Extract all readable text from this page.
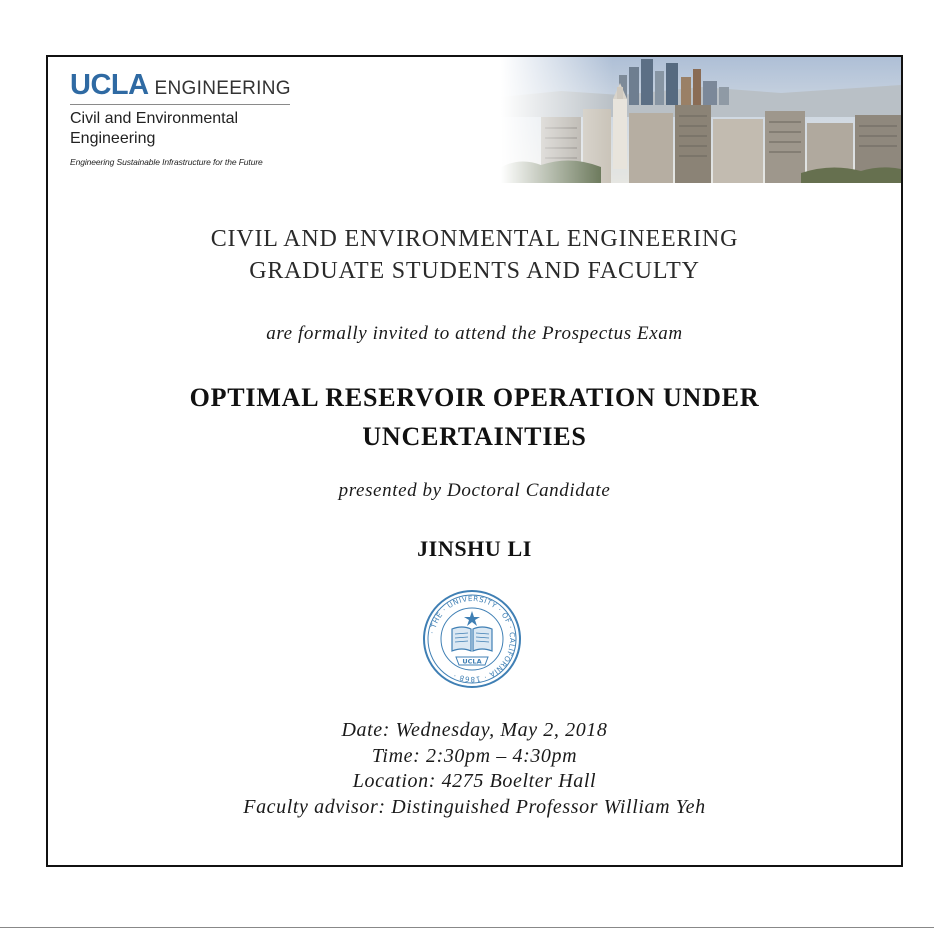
UCLA ENGINEERING
Civil and Environmental Engineering
Engineering Sustainable Infrastructure for the Future
CIVIL AND ENVIRONMENTAL ENGINEERING
GRADUATE STUDENTS AND FACULTY
are formally invited to attend the Prospectus Exam
OPTIMAL RESERVOIR OPERATION UNDER
UNCERTAINTIES
presented by Doctoral Candidate
JINSHU LI
· THE · UNIVERSITY · OF · CALIFORNIA · 1868 ·
UCLA
Date: Wednesday, May 2, 2018
Time: 2:30pm – 4:30pm
Location: 4275 Boelter Hall
Faculty advisor: Distinguished Professor William Yeh
